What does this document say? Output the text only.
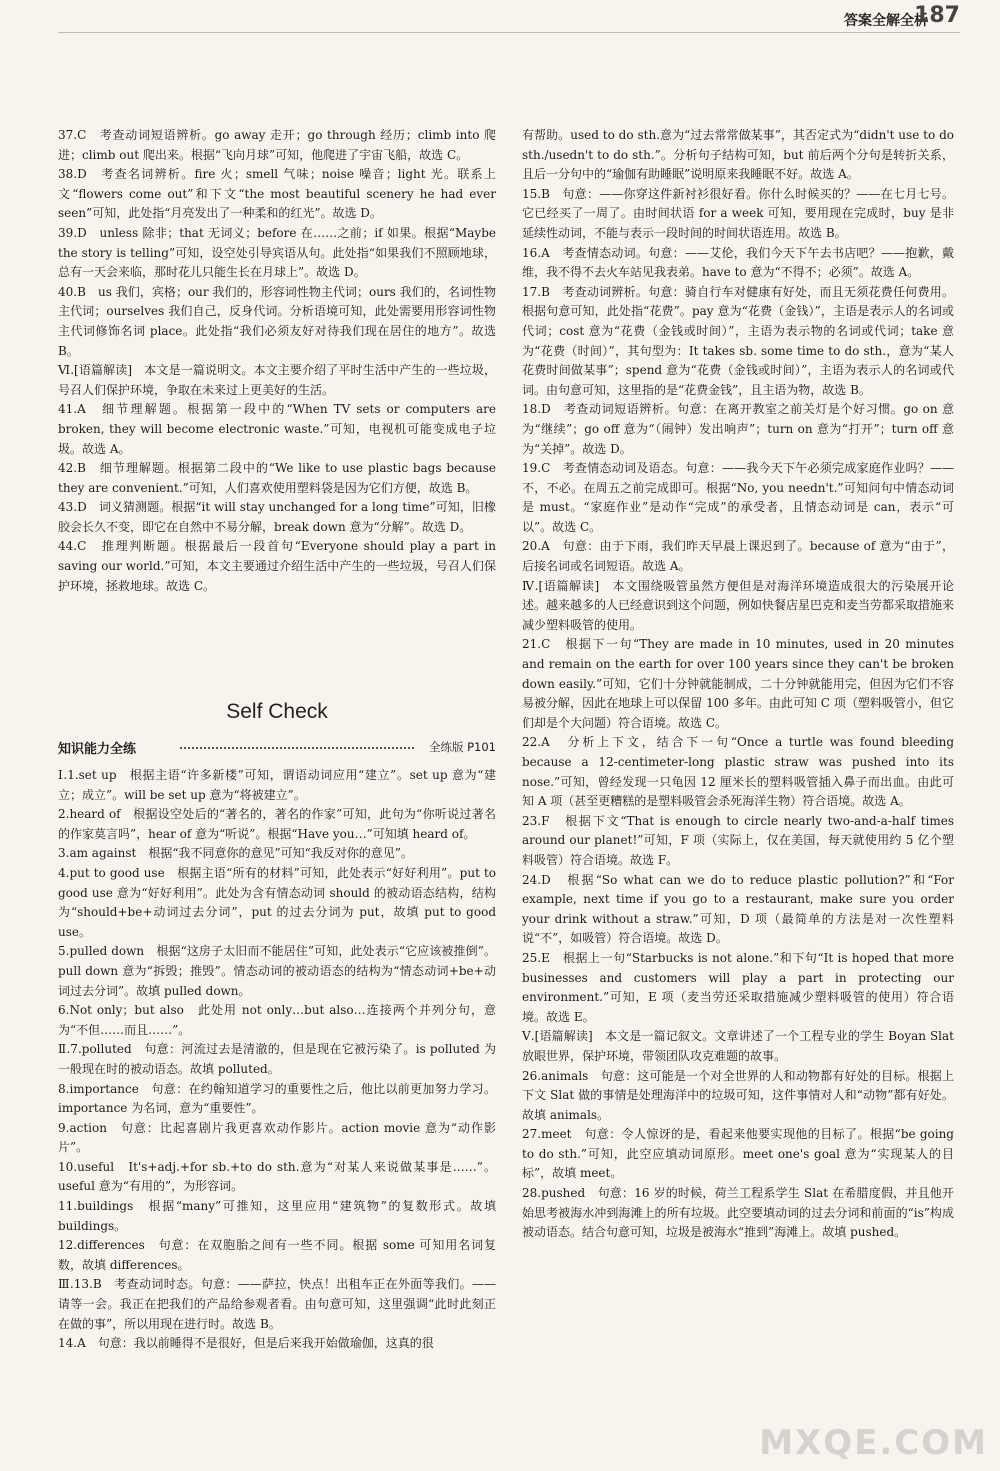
答案全解全析
187

37.C　考查动词短语辨析。go away 走开；go through 经历；climb into 爬进；climb out 爬出来。根据“飞向月球”可知，他爬进了宇宙飞船，故选 C。

38.D　考查名词辨析。fire 火；smell 气味；noise 噪音；light 光。联系上文“flowers come out”和下文“the most beautiful scenery he had ever seen”可知，此处指“月亮发出了一种柔和的红光”。故选 D。

39.D　unless 除非；that 无词义；before 在……之前；if 如果。根据“Maybe the story is telling”可知，设空处引导宾语从句。此处指“如果我们不照顾地球，总有一天会来临，那时花儿只能生长在月球上”。故选 D。

40.B　us 我们，宾格；our 我们的，形容词性物主代词；ours 我们的，名词性物主代词；ourselves 我们自己，反身代词。分析语境可知，此处需要用形容词性物主代词修饰名词 place。此处指“我们必须友好对待我们现在居住的地方”。故选 B。

Ⅵ.[语篇解读]　本文是一篇说明文。本文主要介绍了平时生活中产生的一些垃圾，号召人们保护环境，争取在未来过上更美好的生活。

41.A　细节理解题。根据第一段中的“When TV sets or computers are broken, they will become electronic waste.”可知，电视机可能变成电子垃圾。故选 A。

42.B　细节理解题。根据第二段中的“We like to use plastic bags because they are convenient.”可知，人们喜欢使用塑料袋是因为它们方便，故选 B。

43.D　词义猜测题。根据“it will stay unchanged for a long time”可知，旧橡胶会长久不变，即它在自然中不易分解，break down 意为“分解”。故选 D。

44.C　推理判断题。根据最后一段首句“Everyone should play a part in saving our world.”可知，本文主要通过介绍生活中产生的一些垃圾，号召人们保护环境，拯救地球。故选 C。

Self Check
知识能力全练	全练版 P101

Ⅰ.1.set up　根据主语“许多新楼”可知，谓语动词应用“建立”。set up 意为“建立；成立”。will be set up 意为“将被建立”。

2.heard of　根据设空处后的“著名的，著名的作家”可知，此句为“你听说过著名的作家莫言吗”，hear of 意为“听说”。根据“Have you…”可知填 heard of。

3.am against　根据“我不同意你的意见”可知“我反对你的意见”。

4.put to good use　根据主语“所有的材料”可知，此处表示“好好利用”。put to good use 意为“好好利用”。此处为含有情态动词 should 的被动语态结构，结构为“should+be+动词过去分词”，put 的过去分词为 put，故填 put to good use。

5.pulled down　根据“这房子太旧而不能居住”可知，此处表示“它应该被推倒”。pull down 意为“拆毁；推毁”。情态动词的被动语态的结构为“情态动词+be+动词过去分词”。故填 pulled down。

6.Not only；but also　此处用 not only…but also…连接两个并列分句，意为“不但……而且……”。

Ⅱ.7.polluted　句意：河流过去是清澈的，但是现在它被污染了。is polluted 为一般现在时的被动语态。故填 polluted。

8.importance　句意：在约翰知道学习的重要性之后，他比以前更加努力学习。importance 为名词，意为“重要性”。

9.action　句意：比起喜剧片我更喜欢动作影片。action movie 意为“动作影片”。

10.useful　It's+adj.+for sb.+to do sth.意为“对某人来说做某事是……”。useful 意为“有用的”，为形容词。

11.buildings　根据“many”可推知，这里应用“建筑物”的复数形式。故填 buildings。

12.differences　句意：在双胞胎之间有一些不同。根据 some 可知用名词复数，故填 differences。

Ⅲ.13.B　考查动词时态。句意：——萨拉，快点！出租车正在外面等我们。——请等一会。我正在把我们的产品给参观者看。由句意可知，这里强调“此时此刻正在做的事”，所以用现在进行时。故选 B。

14.A　句意：我以前睡得不是很好，但是后来我开始做瑜伽，这真的很

有帮助。used to do sth.意为“过去常常做某事”，其否定式为“didn't use to do sth./usedn't to do sth.”。分析句子结构可知，but 前后两个分句是转折关系，且后一分句中的“瑜伽有助睡眠”说明原来我睡眠不好。故选 A。

15.B　句意：——你穿这件新衬衫很好看。你什么时候买的？——在七月七号。它已经买了一周了。由时间状语 for a week 可知，要用现在完成时，buy 是非延续性动词，不能与表示一段时间的时间状语连用。故选 B。

16.A　考查情态动词。句意：——艾伦，我们今天下午去书店吧？——抱歉，戴维，我不得不去火车站见我表弟。have to 意为“不得不；必须”。故选 A。

17.B　考查动词辨析。句意：骑自行车对健康有好处，而且无须花费任何费用。根据句意可知，此处指“花费”。pay 意为“花费（金钱）”，主语是表示人的名词或代词；cost 意为“花费（金钱或时间）”，主语为表示物的名词或代词；take 意为“花费（时间）”，其句型为：It takes sb. some time to do sth.，意为“某人花费时间做某事”；spend 意为“花费（金钱或时间）”，主语为表示人的名词或代词。由句意可知，这里指的是“花费金钱”，且主语为物，故选 B。

18.D　考查动词短语辨析。句意：在离开教室之前关灯是个好习惯。go on 意为“继续”；go off 意为“（闹钟）发出响声”；turn on 意为“打开”；turn off 意为“关掉”。故选 D。

19.C　考查情态动词及语态。句意：——我今天下午必须完成家庭作业吗？——不，不必。在周五之前完成即可。根据“No, you needn't.”可知问句中情态动词是 must。“家庭作业”是动作“完成”的承受者，且情态动词是 can，表示“可以”。故选 C。

20.A　句意：由于下雨，我们昨天早晨上课迟到了。because of 意为“由于”，后接名词或名词短语。故选 A。

Ⅳ.[语篇解读]　本文围绕吸管虽然方便但是对海洋环境造成很大的污染展开论述。越来越多的人已经意识到这个问题，例如快餐店星巴克和麦当劳都采取措施来减少塑料吸管的使用。

21.C　根据下一句“They are made in 10 minutes, used in 20 minutes and remain on the earth for over 100 years since they can't be broken down easily.”可知，它们十分钟就能制成，二十分钟就能用完，但因为它们不容易被分解，因此在地球上可以保留 100 多年。由此可知 C 项（塑料吸管小，但它们却是个大问题）符合语境。故选 C。

22.A　分析上下文，结合下一句“Once a turtle was found bleeding because a 12-centimeter-long plastic straw was pushed into its nose.”可知，曾经发现一只龟因 12 厘米长的塑料吸管插入鼻子而出血。由此可知 A 项（甚至更糟糕的是塑料吸管会杀死海洋生物）符合语境。故选 A。

23.F　根据下文“That is enough to circle nearly two-and-a-half times around our planet!”可知，F 项（实际上，仅在美国，每天就使用约 5 亿个塑料吸管）符合语境。故选 F。

24.D　根据“So what can we do to reduce plastic pollution?”和“For example, next time if you go to a restaurant, make sure you order your drink without a straw.”可知，D 项（最简单的方法是对一次性塑料说“不”，如吸管）符合语境。故选 D。

25.E　根据上一句“Starbucks is not alone.”和下句“It is hoped that more businesses and customers will play a part in protecting our environment.”可知，E 项（麦当劳还采取措施减少塑料吸管的使用）符合语境。故选 E。

Ⅴ.[语篇解读]　本文是一篇记叙文。文章讲述了一个工程专业的学生 Boyan Slat 放眼世界，保护环境，带领团队攻克难题的故事。

26.animals　句意：这可能是一个对全世界的人和动物都有好处的目标。根据上下文 Slat 做的事情是处理海洋中的垃圾可知，这件事情对人和“动物”都有好处。故填 animals。

27.meet　句意：令人惊讶的是，看起来他要实现他的目标了。根据“be going to do sth.”可知，此空应填动词原形。meet one's goal 意为“实现某人的目标”，故填 meet。

28.pushed　句意：16 岁的时候，荷兰工程系学生 Slat 在希腊度假，并且他开始思考被海水冲到海滩上的所有垃圾。此空要填动词的过去分词和前面的“is”构成被动语态。结合句意可知，垃圾是被海水“推到”海滩上。故填 pushed。

MXQE.COM
